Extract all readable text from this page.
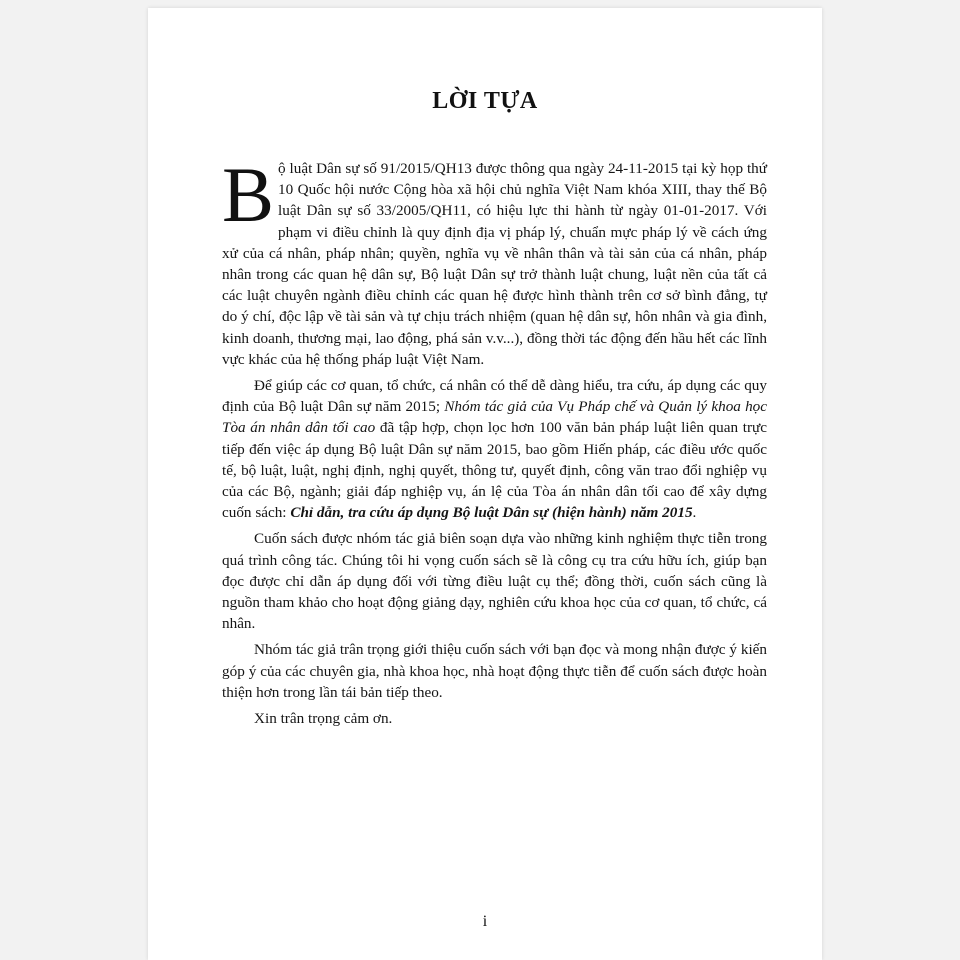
LỜI TỰA

Bộ luật Dân sự số 91/2015/QH13 được thông qua ngày 24-11-2015 tại kỳ họp thứ 10 Quốc hội nước Cộng hòa xã hội chủ nghĩa Việt Nam khóa XIII, thay thế Bộ luật Dân sự số 33/2005/QH11, có hiệu lực thi hành từ ngày 01-01-2017. Với phạm vi điều chỉnh là quy định địa vị pháp lý, chuẩn mực pháp lý về cách ứng xử của cá nhân, pháp nhân; quyền, nghĩa vụ về nhân thân và tài sản của cá nhân, pháp nhân trong các quan hệ dân sự, Bộ luật Dân sự trở thành luật chung, luật nền của tất cả các luật chuyên ngành điều chỉnh các quan hệ được hình thành trên cơ sở bình đẳng, tự do ý chí, độc lập về tài sản và tự chịu trách nhiệm (quan hệ dân sự, hôn nhân và gia đình, kinh doanh, thương mại, lao động, phá sản v.v...), đồng thời tác động đến hầu hết các lĩnh vực khác của hệ thống pháp luật Việt Nam.

Để giúp các cơ quan, tổ chức, cá nhân có thể dễ dàng hiểu, tra cứu, áp dụng các quy định của Bộ luật Dân sự năm 2015; Nhóm tác giả của Vụ Pháp chế và Quản lý khoa học Tòa án nhân dân tối cao đã tập hợp, chọn lọc hơn 100 văn bản pháp luật liên quan trực tiếp đến việc áp dụng Bộ luật Dân sự năm 2015, bao gồm Hiến pháp, các điều ước quốc tế, bộ luật, luật, nghị định, nghị quyết, thông tư, quyết định, công văn trao đổi nghiệp vụ của các Bộ, ngành; giải đáp nghiệp vụ, án lệ của Tòa án nhân dân tối cao để xây dựng cuốn sách: Chỉ dẫn, tra cứu áp dụng Bộ luật Dân sự (hiện hành) năm 2015.

Cuốn sách được nhóm tác giả biên soạn dựa vào những kinh nghiệm thực tiễn trong quá trình công tác. Chúng tôi hi vọng cuốn sách sẽ là công cụ tra cứu hữu ích, giúp bạn đọc được chỉ dẫn áp dụng đối với từng điều luật cụ thể; đồng thời, cuốn sách cũng là nguồn tham khảo cho hoạt động giảng dạy, nghiên cứu khoa học của cơ quan, tổ chức, cá nhân.

Nhóm tác giả trân trọng giới thiệu cuốn sách với bạn đọc và mong nhận được ý kiến góp ý của các chuyên gia, nhà khoa học, nhà hoạt động thực tiễn để cuốn sách được hoàn thiện hơn trong lần tái bản tiếp theo.

Xin trân trọng cảm ơn.

i
